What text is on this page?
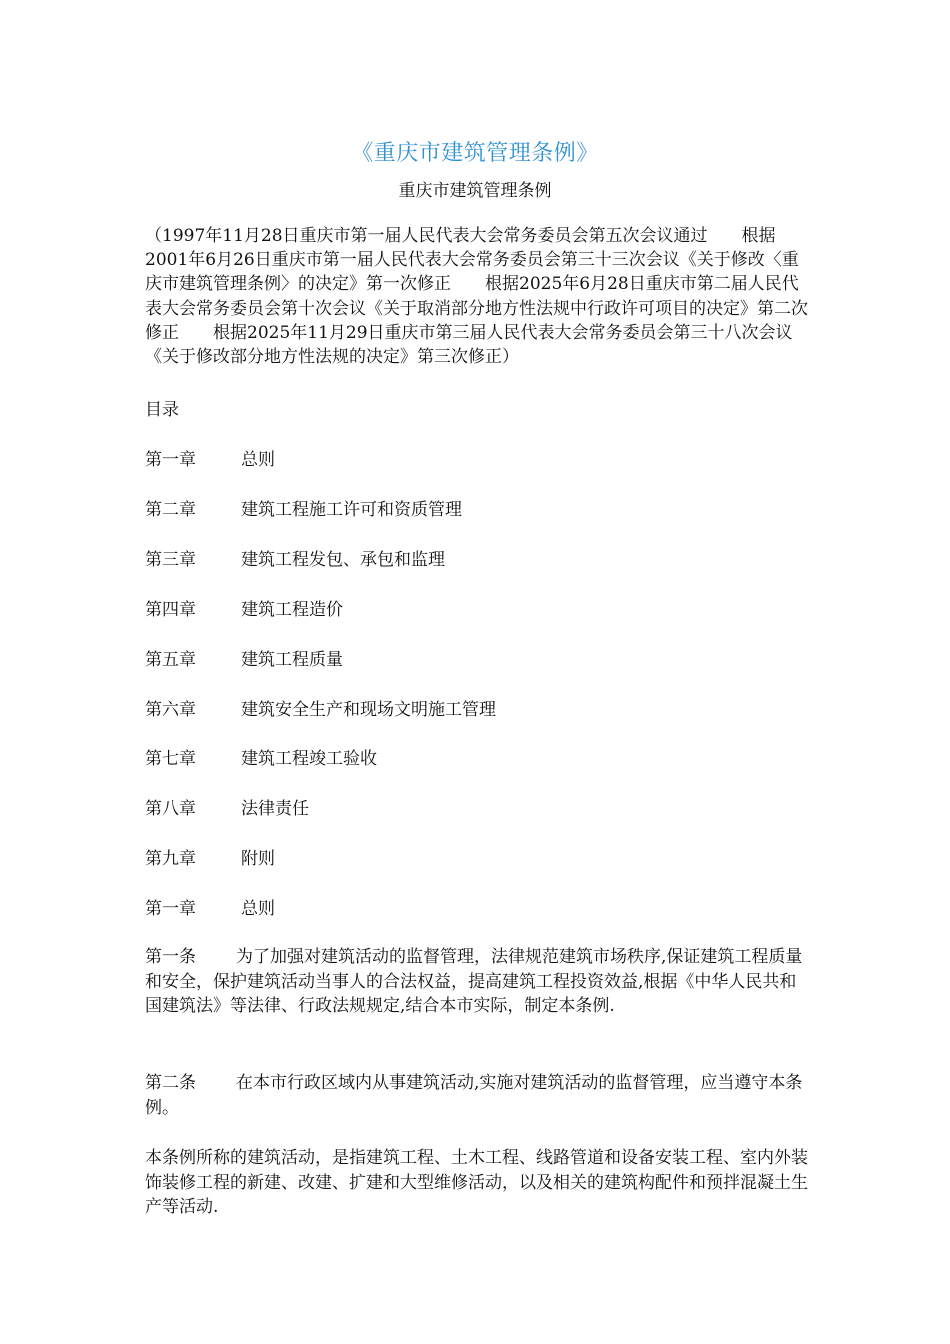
《重庆市建筑管理条例》
重庆市建筑管理条例
（1997年11月28日重庆市第一届人民代表大会常务委员会第五次会议通过　　根据2001年6月26日重庆市第一届人民代表大会常务委员会第三十三次会议《关于修改〈重庆市建筑管理条例〉的决定》第一次修正　　根据2025年6月28日重庆市第二届人民代表大会常务委员会第十次会议《关于取消部分地方性法规中行政许可项目的决定》第二次修正　　根据2025年11月29日重庆市第三届人民代表大会常务委员会第三十八次会议《关于修改部分地方性法规的决定》第三次修正）
目录
第一章	总则
第二章	建筑工程施工许可和资质管理
第三章	建筑工程发包、承包和监理
第四章	建筑工程造价
第五章	建筑工程质量
第六章	建筑安全生产和现场文明施工管理
第七章	建筑工程竣工验收
第八章	法律责任
第九章	附则
第一章	总则
第一条 为了加强对建筑活动的监督管理，法律规范建筑市场秩序,保证建筑工程质量和安全，保护建筑活动当事人的合法权益，提高建筑工程投资效益,根据《中华人民共和国建筑法》等法律、行政法规规定,结合本市实际，制定本条例.
第二条 在本市行政区域内从事建筑活动,实施对建筑活动的监督管理，应当遵守本条例。
本条例所称的建筑活动，是指建筑工程、土木工程、线路管道和设备安装工程、室内外装饰装修工程的新建、改建、扩建和大型维修活动，以及相关的建筑构配件和预拌混凝土生产等活动.
